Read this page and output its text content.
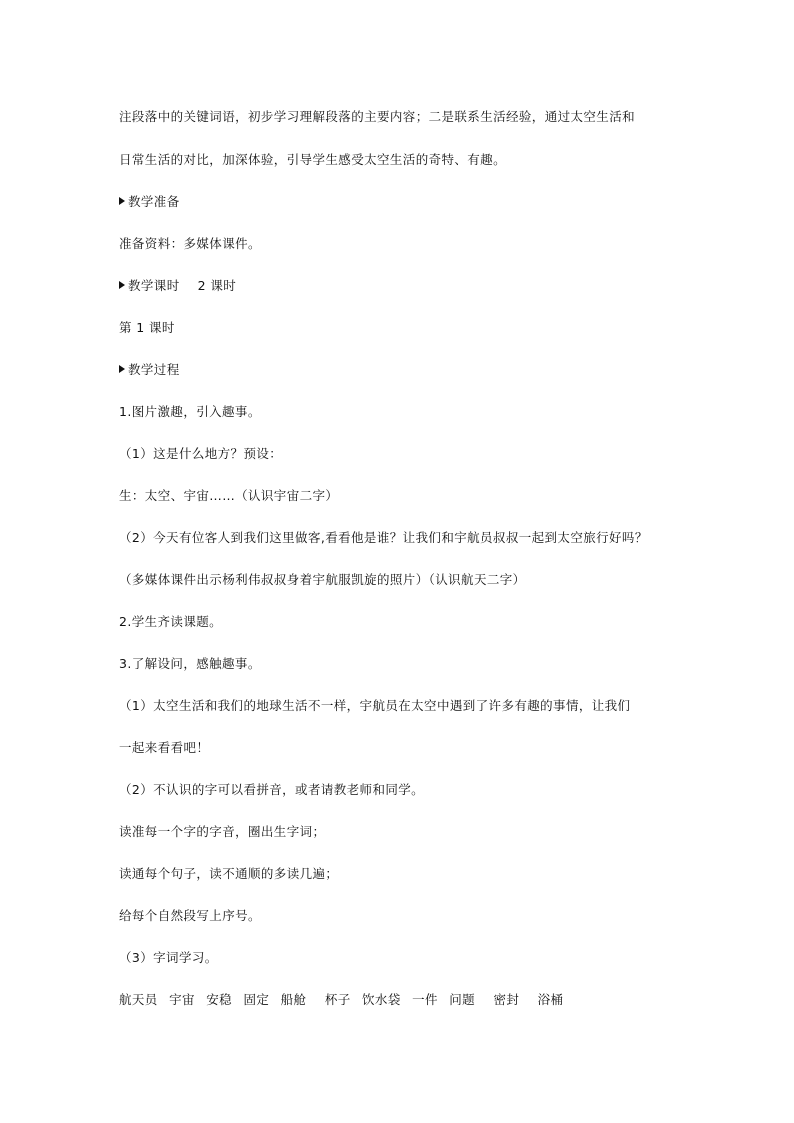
注段落中的关键词语，初步学习理解段落的主要内容；二是联系生活经验，通过太空生活和
日常生活的对比，加深体验，引导学生感受太空生活的奇特、有趣。
教学准备
准备资料：多媒体课件。
教学课时 2 课时
第 1 课时
教学过程
1.图片激趣，引入趣事。
（1）这是什么地方？预设：
生：太空、宇宙……（认识宇宙二字）
（2）今天有位客人到我们这里做客,看看他是谁？让我们和宇航员叔叔一起到太空旅行好吗？
（多媒体课件出示杨利伟叔叔身着宇航服凯旋的照片）（认识航天二字）
2.学生齐读课题。
3.了解设问，感触趣事。
（1）太空生活和我们的地球生活不一样，宇航员在太空中遇到了许多有趣的事情，让我们
一起来看看吧！
（2）不认识的字可以看拼音，或者请教老师和同学。
读准每一个字的字音，圈出生字词；
读通每个句子，读不通顺的多读几遍；
给每个自然段写上序号。
（3）字词学习。
航天员 宇宙 安稳 固定 船舱 杯子 饮水袋 一件 问题 密封 浴桶
